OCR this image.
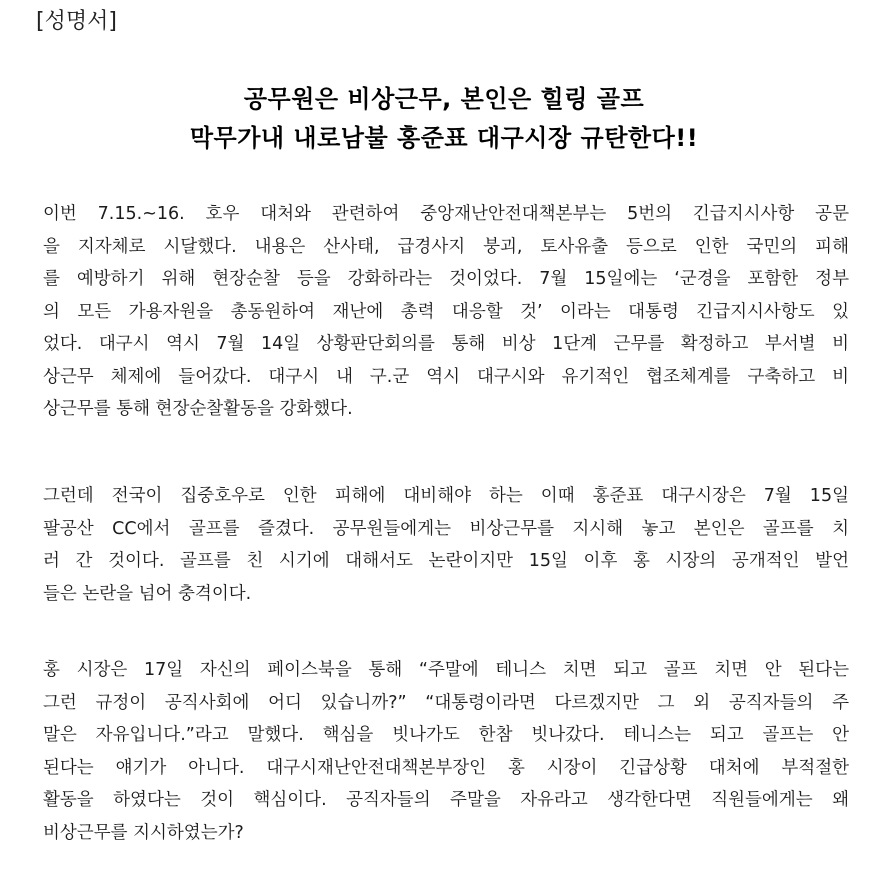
[성명서]
공무원은 비상근무, 본인은 힐링 골프
막무가내 내로남불 홍준표 대구시장 규탄한다!!
이번 7.15.~16. 호우 대처와 관련하여 중앙재난안전대책본부는 5번의 긴급지시사항 공문
을 지자체로 시달했다. 내용은 산사태, 급경사지 붕괴, 토사유출 등으로 인한 국민의 피해
를 예방하기 위해 현장순찰 등을 강화하라는 것이었다. 7월 15일에는 ‘군경을 포함한 정부
의 모든 가용자원을 총동원하여 재난에 총력 대응할 것’ 이라는 대통령 긴급지시사항도 있
었다. 대구시 역시 7월 14일 상황판단회의를 통해 비상 1단계 근무를 확정하고 부서별 비
상근무 체제에 들어갔다. 대구시 내 구.군 역시 대구시와 유기적인 협조체계를 구축하고 비
상근무를 통해 현장순찰활동을 강화했다.
그런데 전국이 집중호우로 인한 피해에 대비해야 하는 이때 홍준표 대구시장은 7월 15일
팔공산 CC에서 골프를 즐겼다. 공무원들에게는 비상근무를 지시해 놓고 본인은 골프를 치
러 간 것이다. 골프를 친 시기에 대해서도 논란이지만 15일 이후 홍 시장의 공개적인 발언
들은 논란을 넘어 충격이다.
홍 시장은 17일 자신의 페이스북을 통해 “주말에 테니스 치면 되고 골프 치면 안 된다는
그런 규정이 공직사회에 어디 있습니까?” “대통령이라면 다르겠지만 그 외 공직자들의 주
말은 자유입니다.”라고 말했다. 핵심을 빗나가도 한참 빗나갔다. 테니스는 되고 골프는 안
된다는 얘기가 아니다. 대구시재난안전대책본부장인 홍 시장이 긴급상황 대처에 부적절한
활동을 하였다는 것이 핵심이다. 공직자들의 주말을 자유라고 생각한다면 직원들에게는 왜
비상근무를 지시하였는가?
